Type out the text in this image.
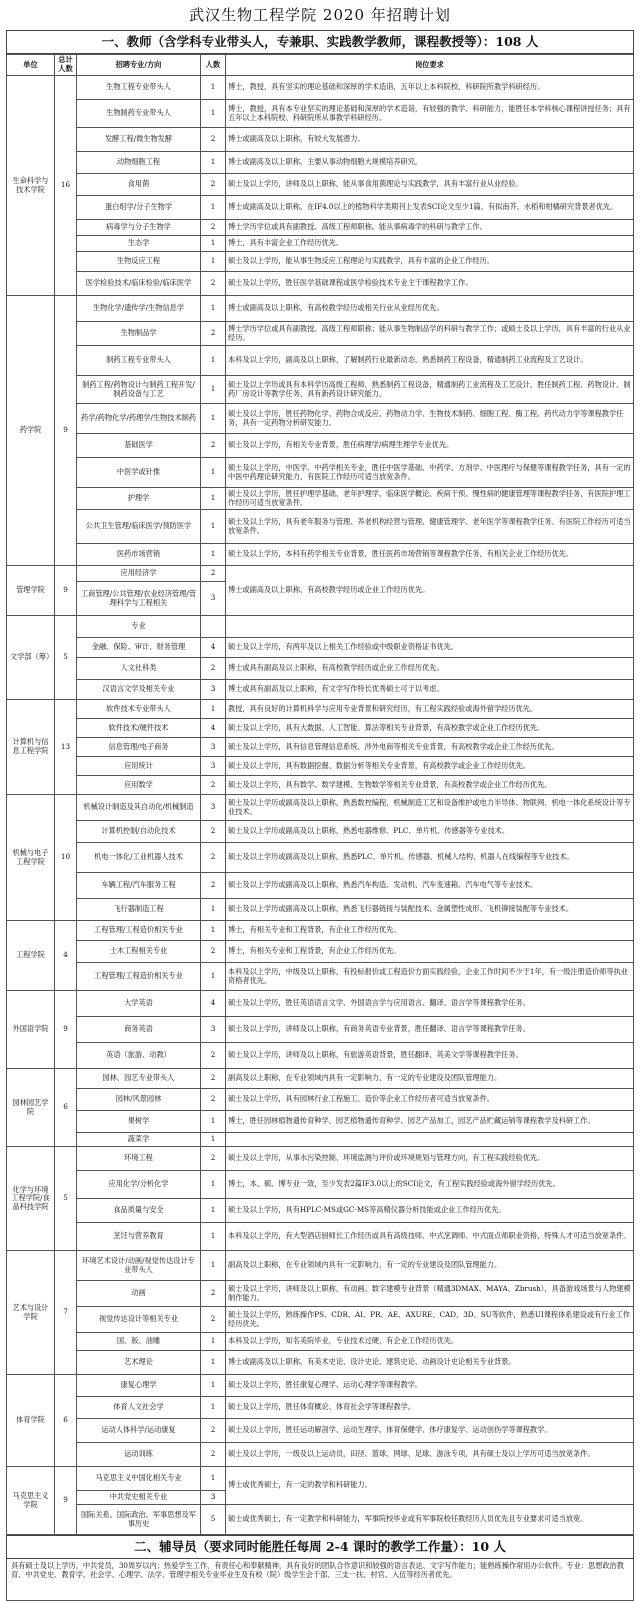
武汉生物工程学院 2020 年招聘计划
一、教师（含学科专业带头人，专兼职、实践教学教师，课程教授等）：108 人
单位	总计人数	招聘专业/方向	人数	岗位要求
生命科学与技术学院	16	生物工程专业带头人	1	博士，教授，具有坚实的理论基础和深厚的学术造诣，五年以上本科院校、科研院所教学科研经历。
		生物制药专业带头人	1	博士，教授，具有本专业坚实的理论基础和深厚的学术造诣，有较强的教学、科研能力，能胜任本学科核心课程讲授任务；具有五年以上本科院校、科研院所从事教学科研经历。
		发酵工程/微生物发酵	2	博士或副高及以上职称，有较大发展潜力。
		动物细胞工程	1	博士或副高及以上职称，主要从事动物细胞大规模培养研究。
		食用菌	2	硕士及以上学历，讲师及以上职称，能从事食用菌理论与实践教学，具有丰富行业从业经验。
		蛋白组学/分子生物学	1	博士或副高及以上职称，在IF4.0以上的植物科学类期刊上发表SCI论文至少1篇，有拟南芥、水稻和柑橘研究背景者优先。
		病毒学与分子生物学	2	博士学历学位或具有副教授、高级工程师职称，能从事病毒学的科研与教学工作。
		生态学	1	博士，具有丰富企业工作经历优先。
		生物反应工程	1	硕士及以上学历，能从事生物反应工程理论与实践教学，具有丰富的企业工作经历。
		医学检验技术/临床检验/临床医学	2	硕士及以上学历，胜任医学基础课程或医学检验技术专业主干课程教学工作。
药学院	9	生物化学/遗传学/生物信息学	1	博士或副高及以上职称，有高校教学经历或相关行业从业经历优先。
		生物制品学	2	博士学历学位或具有副教授、高级工程师职称；能从事生物制品学的科研与教学工作；或硕士及以上学历，具有丰富的行业从业经历。
		制药工程专业带头人	1	本科及以上学历，副高及以上职称，了解制药行业最新动态，熟悉制药工程设备，精通制药工业流程及工艺设计。
		制药工程/药物设计与制药工程开发/制药设备与工艺	1	硕士及以上学历或具有本科学历高级工程师，熟悉制药工程设备，精通制药工业流程及工艺设计，胜任制药工程、药物设计、制药厂房设计等教学任务，具有新药设计研究能力。
		药学/药物化学/药理学/生物技术制药	1	硕士及以上学历，胜任药物化学、药物合成反应、药物动力学、生物技术制药、细胞工程、酶工程、药代动力学等课程教学任务，具有一定药物分析研发能力。
		基础医学	2	硕士及以上学历，有相关专业背景，胜任病理学/病理生理学专业优先。
		中医学或针推	1	硕士及以上学历，中医学、中药学相关专业，胜任中医学基础、中药学、方剂学、中医理疗与保健等课程教学任务，具有一定的中医中药理论研究能力，有医院工作经历可适当放宽条件。
		护理学	1	硕士及以上学历，胜任护理学基础、老年护理学、临床医学概论、疾病干预、慢性病的健康管理等课程教学任务，有医院护理工作经历可适当放宽条件。
		公共卫生管理/临床医学/预防医学	1	硕士及以上学历，具有老年服务与管理、养老机构经营与管理、健康管理学、老年医学等课程教学任务。有医院工作经历可适当放宽条件。
		医药市场营销	1	硕士及以上学历，本科有药学相关专业背景，胜任医药市场营销等课程教学任务，有相关企业工作经历优先。
管理学院	9	应用经济学	2	博士或副高及以上职称，有高校教学经历或企业工作经历优先。
		工商管理/公共管理/农业经济管理/管理科学与工程相关	3	
文学部（筹）	5	专业		
		金融、保险、审计、财务管理	4	硕士及以上学历，有两年及以上相关工作经验或中级职业资格证书优先。
		人文社科类	2	博士或具有副高及以上职称，有高校教学经历或企业工作经历优先。
		汉语言文学及相关专业	3	博士或具有副高及以上职称，有文学写作特长优秀硕士可于以考虑。
计算机与信息工程学院	13	软件技术专业带头人	1	教授，具有良好的计算机科学与应用专业背景和研究经历，有工程实践经验或海外留学经历优先。
		软件技术/硬件技术	4	硕士及以上学历，具有大数据、人工智能、算法等相关专业背景，有高校教学或企业工作经历优先。
		信息管理/电子商务	3	硕士及以上学历，具有信息管理信息系统、涉外电商等相关专业背景，有高校教学或企业工作经历优先。
		应用统计	3	硕士及以上学历，具有数据挖掘、数据分析等相关专业背景，有高校教学或企业工作经历优先。
		应用数学	2	硕士及以上学历，具有数学、数学建模、生物数学等相关专业背景，有高校教学或企业工作经历优先。
机械与电子工程学院	10	机械设计制造及其自动化/机械制造	3	硕士及以上学历或副高及以上职称，熟悉数控编程，机械制造工艺和设备维护或电力半导体、物联网、机电一体化系统设计等专业技术。
		计算机控制/自动化技术	2	硕士及以上学历或副高及以上职称，熟悉电器维修、PLC、单片机、传感器等专业技术。
		机电一体化/工业机器人技术	2	硕士及以上学历或副高及以上职称，熟悉PLC、单片机、传感器、机械人结构、机器人在线编程等专业技术。
		车辆工程/汽车服务工程	2	硕士及以上学历或副高及以上职称，熟悉汽车构造、发动机、汽车变速箱、汽车电气等专业技术。
		飞行器制造工程	1	硕士及以上学历或副高及以上职称，熟悉飞行器链接与装配技术、金属塑性成形、飞机铆接装配等专业技术。
工程学院	4	工程管理/工程造价相关专业	1	博士，有相关专业和工程背景，有企业工作经历优先。
		土木工程相关专业	2	博士，有相关专业和工程背景，有企业工作经历优先。
		工程管理/工程造价相关专业	1	本科及以上学历，中级及以上职称，有投标报价或工程造价方面实践经验，企业工作时间不少于1年，有一级注册造价师等执业资格者优先。
外国语学院	9	大学英语	4	硕士及以上学历，胜任英语语言文学、外国语言学与应用语言、翻译、语言学等课程教学任务。
		商务英语	3	硕士及以上学历，讲师及以上职称，有商务英语专业背景，胜任翻译、语言学等课程教学任务。
		英语（旅游、动教）	2	硕士及以上学历，讲师及以上职称，有旅游英语背景，胜任翻译、英美文学等课程教学任务。
园林园艺学院	6	园林、园艺专业带头人	2	副高及以上职称，在专业领域内具有一定影响力，有一定的专业建设及团队管理能力。
		园林/风景园林	2	硕士及以上学历，具有园林行业工程施工、造价等企业工作经历者可适当放宽条件。
		果树学	1	博士，胜任园林植物遗传育种学、园艺植物遗传育种学、园艺产品加工、园艺产品贮藏运销等课程教学及科研工作。
		蔬菜学	1	
化学与环境工程学院/食品科技学院	5	环境工程	2	硕士及以上学历，从事水污染控制、环境监测与评价或环境规划与管理方向，有工程实践经验优先。
		应用化学/分析化学	1	博士，本、硕、博专业一致，至少发表2篇IF3.0以上的SCI论文，有工程实践经验或海外留学经历优先。
		食品质量与安全	1	硕士及以上学历，具有HPLC-MS或GC-MS等高精仪器分析技能或企业工作经历优先。
		烹饪与营养教育	1	本科及以上学历，有大型酒店厨师长工作经历或具有高级技师、中式烹调师、中式面点师职业资格，特殊人才可适当放宽条件。
艺术与设计学院	7	环境艺术设计/动画/视觉传达设计专业带头人	1	副高及以上职称，在专业领域内具有一定影响力，有一定的专业建设及团队管理能力。
		动画	2	硕士及以上学历，讲师及以上职称，有动画、数字建模专业背景（精通3DMAX、MAYA、Zbrush），具备游戏场景与人物建模制作能力。
		视觉传达设计等相关专业	2	硕士及以上学历，熟练操作PS、CDR、AI、PR、AE、AXURE、CAD、3D、SU等软件，熟悉UI课程体系建设或有行业工作经历优先。
		国、版、油雕	1	本科及以上学历，知名美院毕业，专业技术过硬，有企业工作经历优先。
		艺术理论	1	博士或副高及以上职称，有美术史论、设计史论、建筑史论、动画设计史论相关专业背景。
体育学院	6	康复心理学	1	硕士及以上学历，胜任康复心理学、运动心理学等课程教学。
		体育人文社会学	1	硕士及以上学历，胜任体育概论、体育社会学等课程教学。
		运动人体科学/运动康复	2	硕士及以上学历，胜任运动解剖学、运动生理学、体育保健学、体疗康复学、运动创伤学等课程教学。
		运动训练	2	硕士及以上学历，一级及以上运动员，田径、篮球、网球、足球、游泳专项，具有硕士及以上学历可适当放宽条件。
马克思主义学院	9	马克思主义中国化相关专业	1	博士或优秀硕士，有一定的教学和科研能力。
		中共党史相关专业	3	
		国际关系、国际政治、军事思想及军事历史	5	硕士或优秀硕士，有一定教学和科研能力，军事院校毕业或有军事院校任教经历人员优先且专业要求可适当放宽。
二、辅导员（要求同时能胜任每周 2-4 课时的教学工作量）：10 人
具有硕士及以上学历，中共党员，30周岁以内；热爱学生工作，有责任心和奉献精神，具有良好的团队合作意识和较强的语言表达、文字写作能力；能熟练操作常用办公软件。专业：思想政治教育、中共党史、教育学、社会学、心理学、法学、管理学相关专业毕业生及有校（院）级学生会干部、三支一扶、村官、入伍等经历者优先。
